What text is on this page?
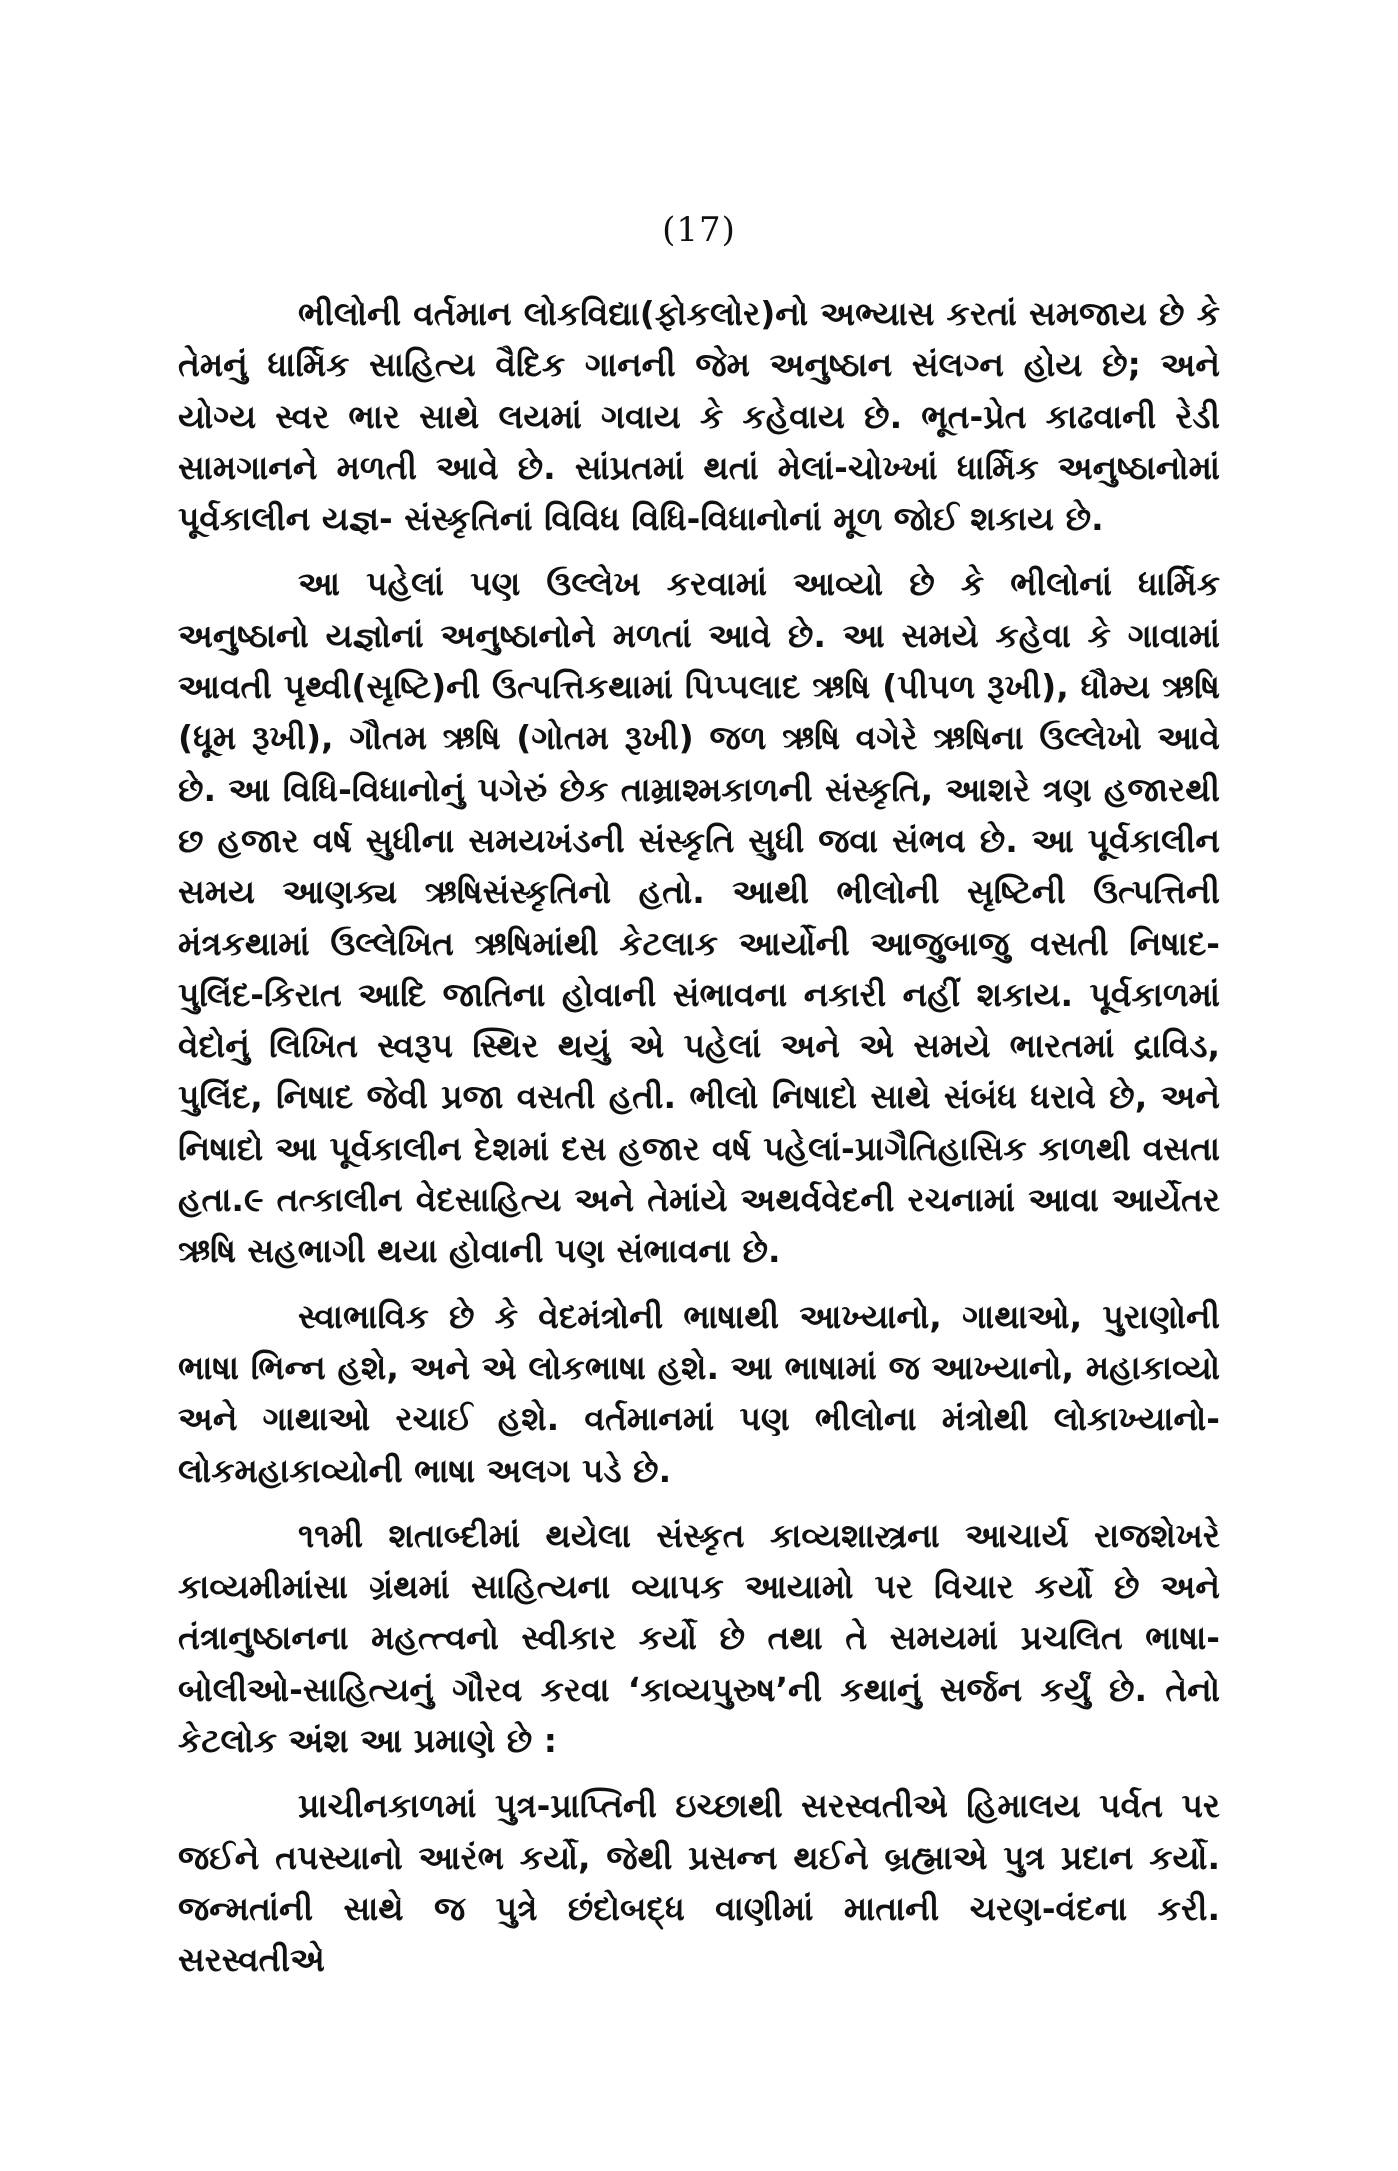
(17)

ભીલોની વર્તમાન લોકવિદ્યા(ફોકલોર)નો અભ્યાસ કરતાં સમજાય છે કે તેમનું ધાર્મિક સાહિત્ય વૈદિક ગાનની જેમ અનુષ્ઠાન સંલગ્ન હોય છે; અને યોગ્ય સ્વર ભાર સાથે લયમાં ગવાય કે કહેવાય છે. ભૂત-પ્રેત કાઢવાની રેડી સામગાનને મળતી આવે છે. સાંપ્રતમાં થતાં મેલાં-ચોખ્ખાં ધાર્મિક અનુષ્ઠાનોમાં પૂર્વકાલીન યજ્ઞ- સંસ્કૃતિનાં વિવિધ વિધિ-વિધાનોનાં મૂળ જોઈ શકાય છે.

આ પહેલાં પણ ઉલ્લેખ કરવામાં આવ્યો છે કે ભીલોનાં ધાર્મિક અનુષ્ઠાનો યજ્ઞોનાં અનુષ્ઠાનોને મળતાં આવે છે. આ સમયે કહેવા કે ગાવામાં આવતી પૃથ્વી(સૃષ્ટિ)ની ઉત્પત્તિકથામાં પિપ્પલાદ ઋષિ (પીપળ રૂખી), ધૌમ્ય ઋષિ (ધૂમ રૂખી), ગૌતમ ઋષિ (ગોતમ રૂખી) જળ ઋષિ વગેરે ઋષિના ઉલ્લેખો આવે છે. આ વિધિ-વિધાનોનું પગેરું છેક તામ્રાશ્મકાળની સંસ્કૃતિ, આશરે ત્રણ હજારથી છ હજાર વર્ષ સુધીના સમયખંડની સંસ્કૃતિ સુધી જવા સંભવ છે. આ પૂર્વકાલીન સમય આણક્ય ઋષિસંસ્કૃતિનો હતો. આથી ભીલોની સૃષ્ટિની ઉત્પત્તિની મંત્રકથામાં ઉલ્લેખિત ઋષિમાંથી કેટલાક આર્યોની આજુબાજુ વસતી નિષાદ-પુલિંદ-કિરાત આદિ જાતિના હોવાની સંભાવના નકારી નહીં શકાય. પૂર્વકાળમાં વેદોનું લિખિત સ્વરૂપ સ્થિર થયું એ પહેલાં અને એ સમયે ભારતમાં દ્રાવિડ, પુલિંદ, નિષાદ જેવી પ્રજા વસતી હતી. ભીલો નિષાદો સાથે સંબંધ ધરાવે છે, અને નિષાદો આ પૂર્વકાલીન દેશમાં દસ હજાર વર્ષ પહેલાં-પ્રાગૈતિહાસિક કાળથી વસતા હતા.૯ તત્કાલીન વેદસાહિત્ય અને તેમાંયે અથર્વવેદની રચનામાં આવા આર્યેતર ઋષિ સહભાગી થયા હોવાની પણ સંભાવના છે.

સ્વાભાવિક છે કે વેદમંત્રોની ભાષાથી આખ્યાનો, ગાથાઓ, પુરાણોની ભાષા ભિન્ન હશે, અને એ લોકભાષા હશે. આ ભાષામાં જ આખ્યાનો, મહાકાવ્યો અને ગાથાઓ રચાઈ હશે. વર્તમાનમાં પણ ભીલોના મંત્રોથી લોકાખ્યાનો-લોકમહાકાવ્યોની ભાષા અલગ પડે છે.

૧૧મી શતાબ્દીમાં થયેલા સંસ્કૃત કાવ્યશાસ્ત્રના આચાર્ય રાજશેખરે કાવ્યમીમાંસા ગ્રંથમાં સાહિત્યના વ્યાપક આયામો પર વિચાર કર્યો છે અને તંત્રાનુષ્ઠાનના મહત્ત્વનો સ્વીકાર કર્યો છે તથા તે સમયમાં પ્રચલિત ભાષા-બોલીઓ-સાહિત્યનું ગૌરવ કરવા ‘કાવ્યપુરુષ’ની કથાનું સર્જન કર્યું છે. તેનો કેટલોક અંશ આ પ્રમાણે છે :

પ્રાચીનકાળમાં પુત્ર-પ્રાપ્તિની ઇચ્છાથી સરસ્વતીએ હિમાલય પર્વત પર જઈને તપસ્યાનો આરંભ કર્યો, જેથી પ્રસન્ન થઈને બ્રહ્માએ પુત્ર પ્રદાન કર્યો. જન્મતાંની સાથે જ પુત્રે છંદોબદ્ધ વાણીમાં માતાની ચરણ-વંદના કરી. સરસ્વતીએ
